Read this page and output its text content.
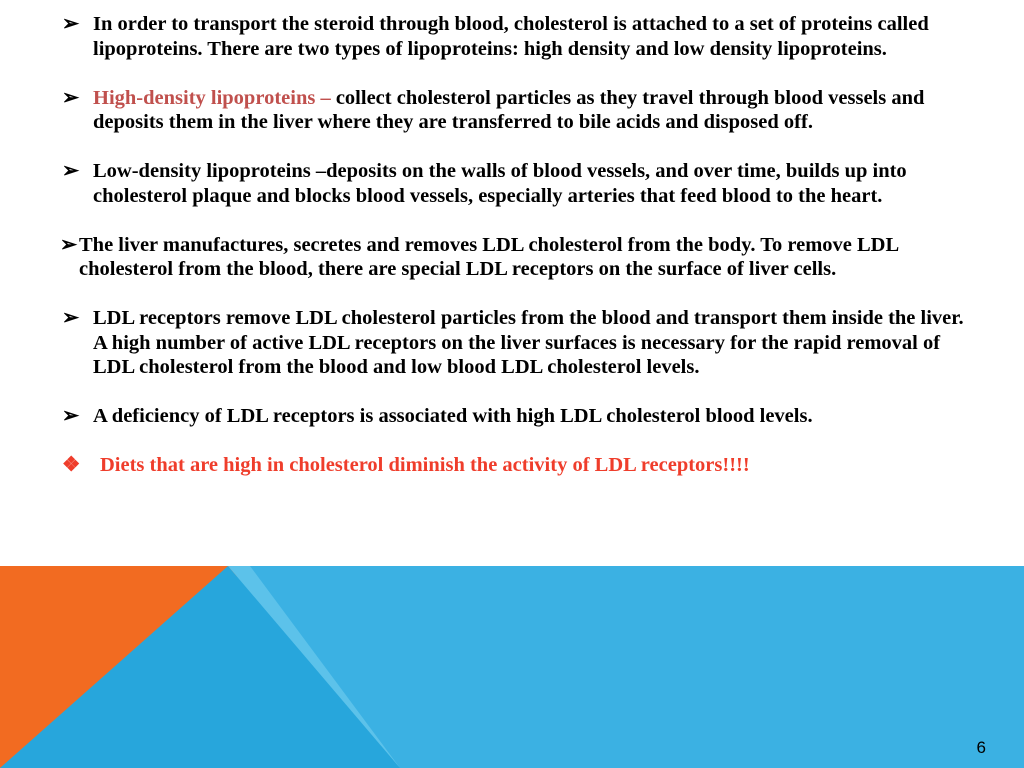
➢ In order to transport the steroid through blood, cholesterol is attached to a set of proteins called lipoproteins. There are two types of lipoproteins: high density and low density lipoproteins.
➢ High-density lipoproteins – collect cholesterol particles as they travel through blood vessels and deposits them in the liver where they are transferred to bile acids and disposed off.
➢ Low-density lipoproteins –deposits on the walls of blood vessels, and over time, builds up into cholesterol plaque and blocks blood vessels, especially arteries that feed blood to the heart.
➢The liver manufactures, secretes and removes LDL cholesterol from the body. To remove LDL cholesterol from the blood, there are special LDL receptors on the surface of liver cells.
➢ LDL receptors remove LDL cholesterol particles from the blood and transport them inside the liver. A high number of active LDL receptors on the liver surfaces is necessary for the rapid removal of LDL cholesterol from the blood and low blood LDL cholesterol levels.
➢ A deficiency of LDL receptors is associated with high LDL cholesterol blood levels.
❖ Diets that are high in cholesterol diminish the activity of LDL receptors!!!!
6
